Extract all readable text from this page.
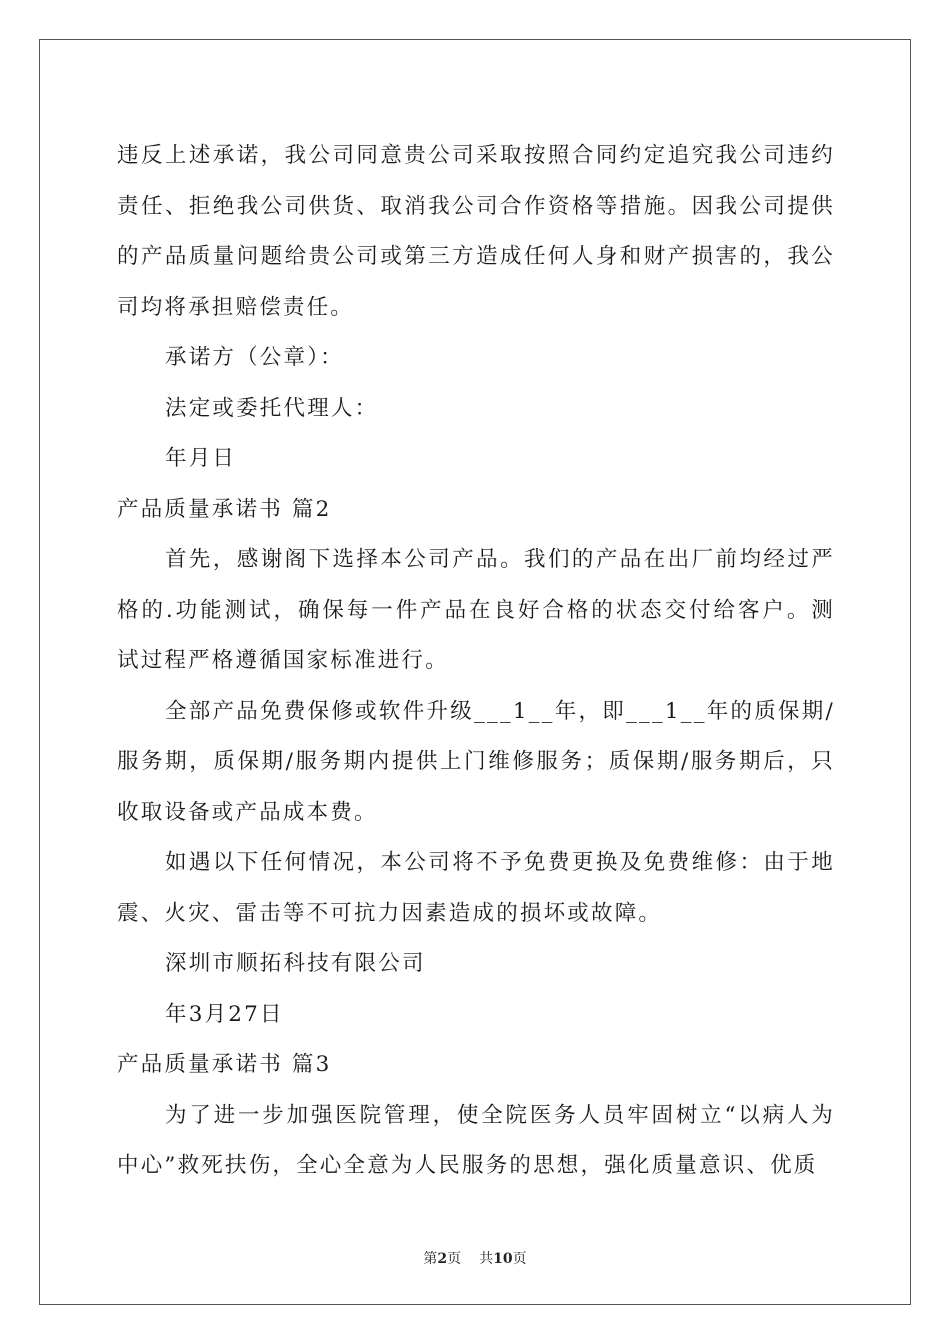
违反上述承诺，我公司同意贵公司采取按照合同约定追究我公司违约责任、拒绝我公司供货、取消我公司合作资格等措施。因我公司提供的产品质量问题给贵公司或第三方造成任何人身和财产损害的，我公司均将承担赔偿责任。

承诺方（公章）：

法定或委托代理人：

年月日

产品质量承诺书 篇2

首先，感谢阁下选择本公司产品。我们的产品在出厂前均经过严格的.功能测试，确保每一件产品在良好合格的状态交付给客户。测试过程严格遵循国家标准进行。

全部产品免费保修或软件升级___1__年，即___1__年的质保期/服务期，质保期/服务期内提供上门维修服务；质保期/服务期后，只收取设备或产品成本费。

如遇以下任何情况，本公司将不予免费更换及免费维修：由于地震、火灾、雷击等不可抗力因素造成的损坏或故障。

深圳市顺拓科技有限公司

年3月27日

产品质量承诺书 篇3

为了进一步加强医院管理，使全院医务人员牢固树立“以病人为中心”救死扶伤，全心全意为人民服务的思想，强化质量意识、优质

第2页 共10页
